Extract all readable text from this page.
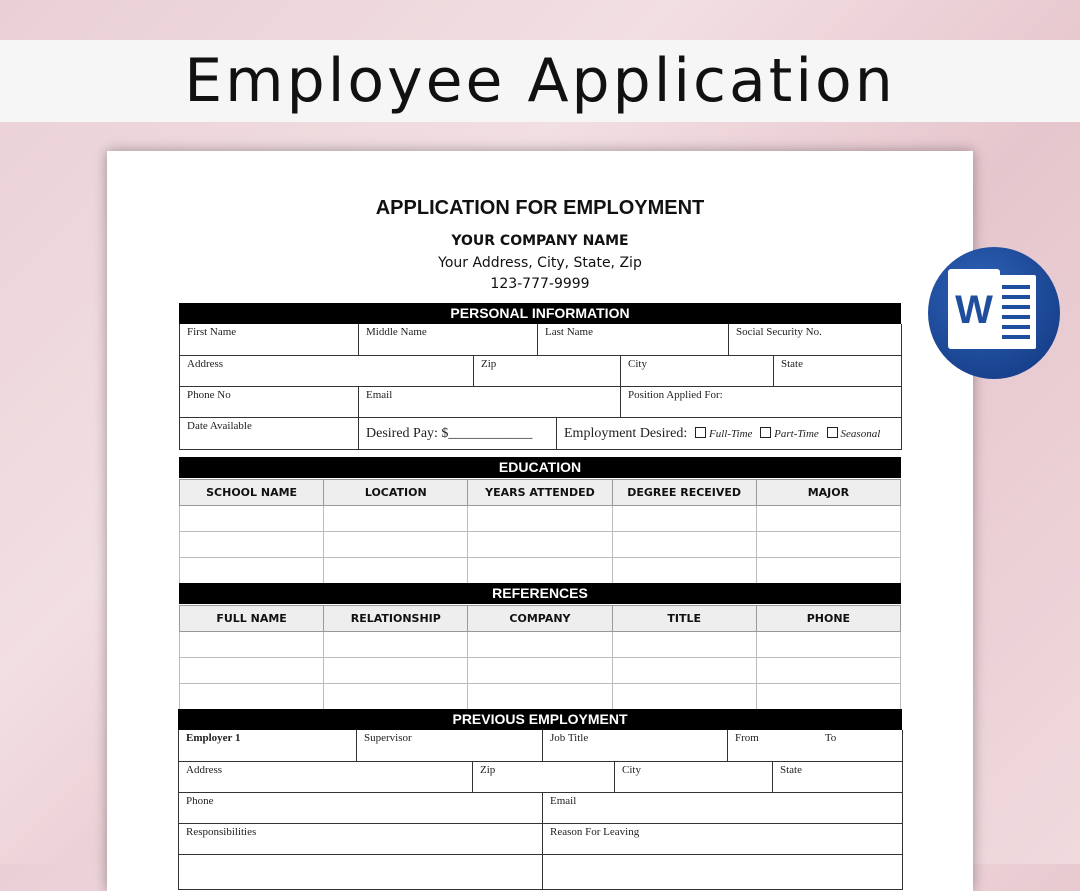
Employee Application
APPLICATION FOR EMPLOYMENT
YOUR COMPANY NAME
Your Address, City, State, Zip
123-777-9999
PERSONAL INFORMATION
First Name	Middle Name	Last Name	Social Security No.
Address	Zip	City	State
Phone No	Email	Position Applied For:
Date Available	Desired Pay: $____________	Employment Desired: Full-Time Part-Time Seasonal
EDUCATION
SCHOOL NAME	LOCATION	YEARS ATTENDED	DEGREE RECEIVED	MAJOR

REFERENCES
FULL NAME	RELATIONSHIP	COMPANY	TITLE	PHONE

PREVIOUS EMPLOYMENT
Employer 1	Supervisor	Job Title	From	To
Address	Zip	City	State
Phone	Email
Responsibilities	Reason For Leaving
W
